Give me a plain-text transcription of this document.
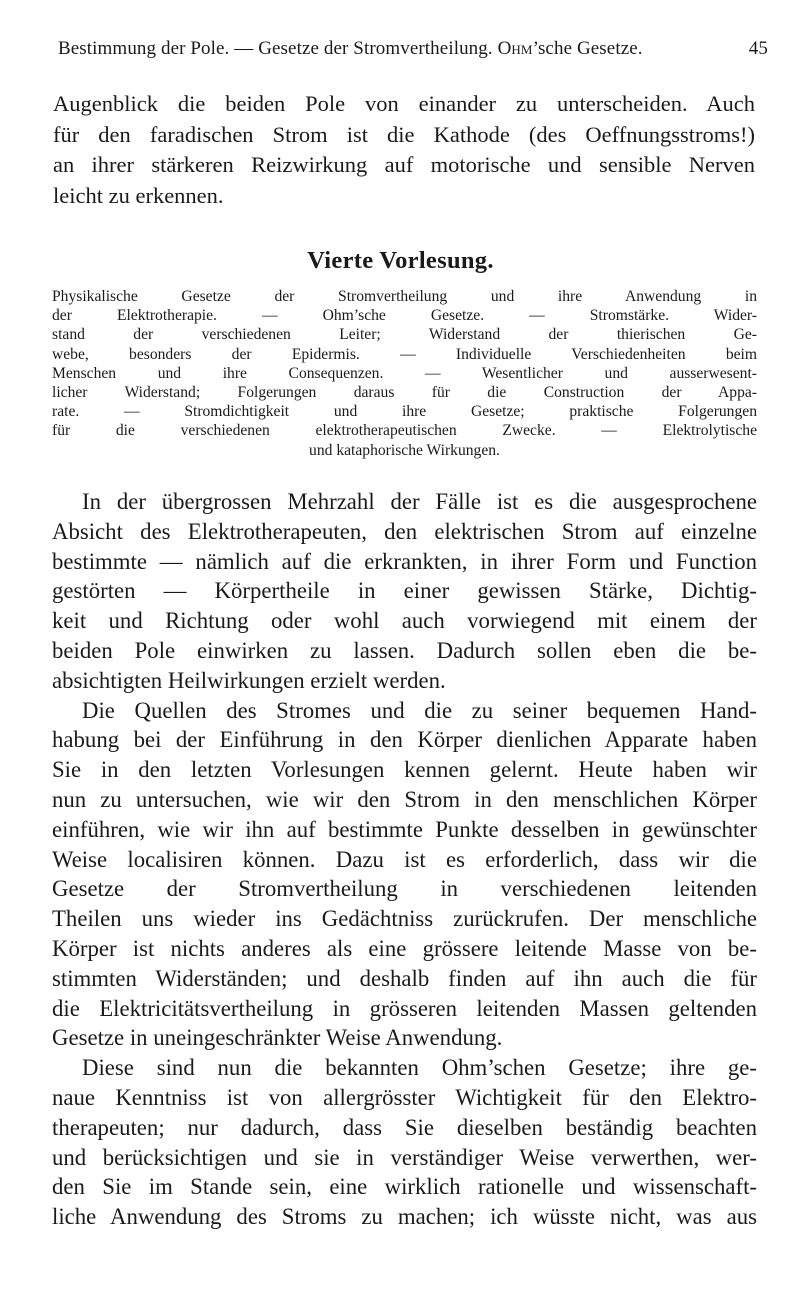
Bestimmung der Pole. — Gesetze der Stromvertheilung. Ohm’sche Gesetze.	45
Augenblick die beiden Pole von einander zu unterscheiden. Auch
für den faradischen Strom ist die Kathode (des Oeffnungsstroms!)
an ihrer stärkeren Reizwirkung auf motorische und sensible Nerven
leicht zu erkennen.
Vierte Vorlesung.
Physikalische Gesetze der Stromvertheilung und ihre Anwendung in
der Elektrotherapie. — Ohm’sche Gesetze. — Stromstärke. Wider-
stand der verschiedenen Leiter; Widerstand der thierischen Ge-
webe, besonders der Epidermis. — Individuelle Verschiedenheiten beim
Menschen und ihre Consequenzen. — Wesentlicher und ausserwesent-
licher Widerstand; Folgerungen daraus für die Construction der Appa-
rate. — Stromdichtigkeit und ihre Gesetze; praktische Folgerungen
für die verschiedenen elektrotherapeutischen Zwecke. — Elektrolytische
und kataphorische Wirkungen.
In der übergrossen Mehrzahl der Fälle ist es die ausgesprochene
Absicht des Elektrotherapeuten, den elektrischen Strom auf einzelne
bestimmte — nämlich auf die erkrankten, in ihrer Form und Function
gestörten — Körpertheile in einer gewissen Stärke, Dichtig-
keit und Richtung oder wohl auch vorwiegend mit einem der
beiden Pole einwirken zu lassen. Dadurch sollen eben die be-
absichtigten Heilwirkungen erzielt werden.
Die Quellen des Stromes und die zu seiner bequemen Hand-
habung bei der Einführung in den Körper dienlichen Apparate haben
Sie in den letzten Vorlesungen kennen gelernt. Heute haben wir
nun zu untersuchen, wie wir den Strom in den menschlichen Körper
einführen, wie wir ihn auf bestimmte Punkte desselben in gewünschter
Weise localisiren können. Dazu ist es erforderlich, dass wir die
Gesetze der Stromvertheilung in verschiedenen leitenden
Theilen uns wieder ins Gedächtniss zurückrufen. Der menschliche
Körper ist nichts anderes als eine grössere leitende Masse von be-
stimmten Widerständen; und deshalb finden auf ihn auch die für
die Elektricitätsvertheilung in grösseren leitenden Massen geltenden
Gesetze in uneingeschränkter Weise Anwendung.
Diese sind nun die bekannten Ohm’schen Gesetze; ihre ge-
naue Kenntniss ist von allergrösster Wichtigkeit für den Elektro-
therapeuten; nur dadurch, dass Sie dieselben beständig beachten
und berücksichtigen und sie in verständiger Weise verwerthen, wer-
den Sie im Stande sein, eine wirklich rationelle und wissenschaft-
liche Anwendung des Stroms zu machen; ich wüsste nicht, was aus
